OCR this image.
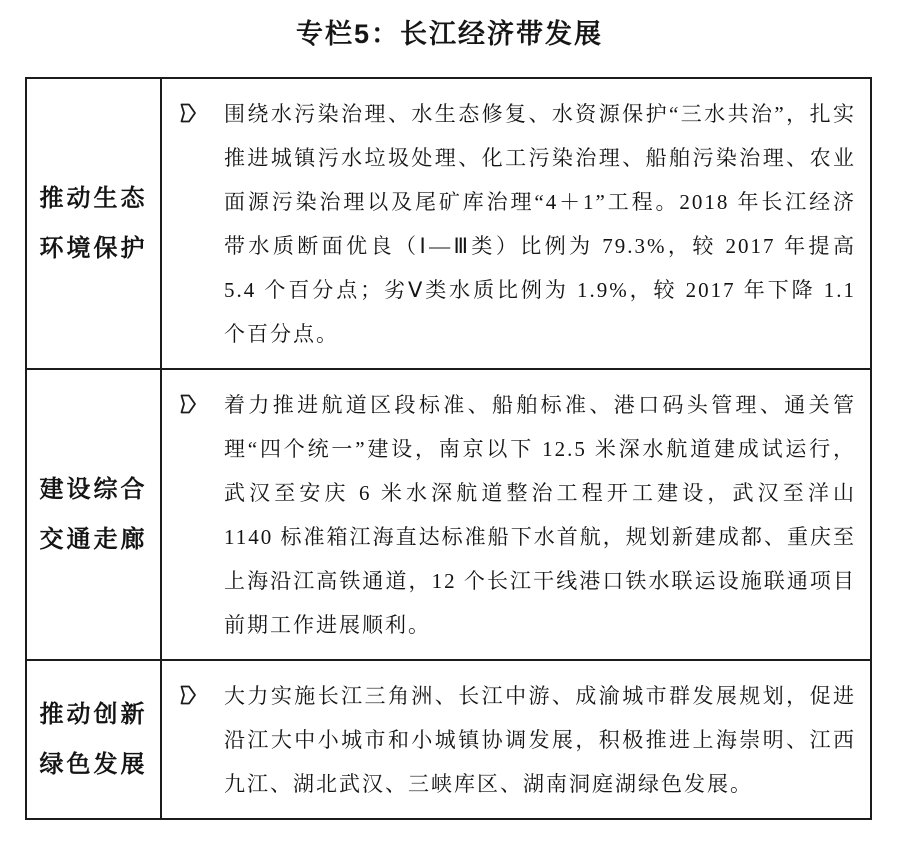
专栏5：长江经济带发展
推动生态
环境保护
围绕水污染治理、水生态修复、水资源保护“三水共治”，扎实推进城镇污水垃圾处理、化工污染治理、船舶污染治理、农业面源污染治理以及尾矿库治理“4＋1”工程。2018 年长江经济带水质断面优良（Ⅰ—Ⅲ类）比例为 79.3%，较 2017 年提高 5.4 个百分点；劣Ⅴ类水质比例为 1.9%，较 2017 年下降 1.1 个百分点。
建设综合
交通走廊
着力推进航道区段标准、船舶标准、港口码头管理、通关管理“四个统一”建设，南京以下 12.5 米深水航道建成试运行，武汉至安庆 6 米水深航道整治工程开工建设，武汉至洋山 1140 标准箱江海直达标准船下水首航，规划新建成都、重庆至上海沿江高铁通道，12 个长江干线港口铁水联运设施联通项目前期工作进展顺利。
推动创新
绿色发展
大力实施长江三角洲、长江中游、成渝城市群发展规划，促进沿江大中小城市和小城镇协调发展，积极推进上海崇明、江西九江、湖北武汉、三峡库区、湖南洞庭湖绿色发展。
